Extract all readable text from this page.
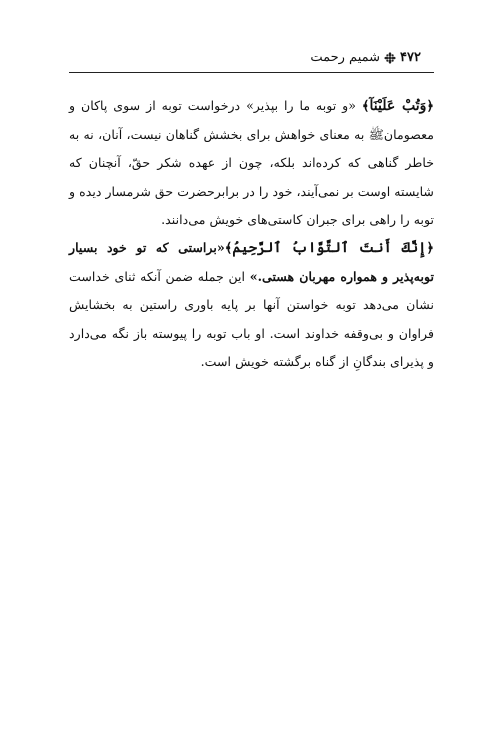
۴۷۲
شمیم رحمت

﴿وَتُبْ عَلَيْنَآ﴾ «و توبه ما را بپذیر» درخواست توبه از سوی پاکان و معصومانﷺ به معنای خواهش برای بخشش گناهان نیست، آنان، نه به خاطر گناهی که کرده‌اند بلکه، چون از عهده شکر حقّ، آنچنان که شایسته اوست بر نمی‌آیند، خود را در برابرحضرت حق شرمسار دیده و توبه را راهی برای جبران کاستی‌های خویش می‌دانند.

﴿إِنَّكَ أَنتَ ٱلتَّوَّابُ ٱلرَّحِيمُ﴾«براستی که تو خود بسیار توبه‌پذیر و همواره مهربان هستی.» این جمله ضمن آنکه ثنای خداست نشان می‌دهد توبه خواستن آنها بر پایه باوری راستین به بخشایش فراوان و بی‌وقفه خداوند است. او باب توبه را پیوسته باز نگه می‌دارد و پذیرای بندگانِ از گناه برگشته خویش است.
